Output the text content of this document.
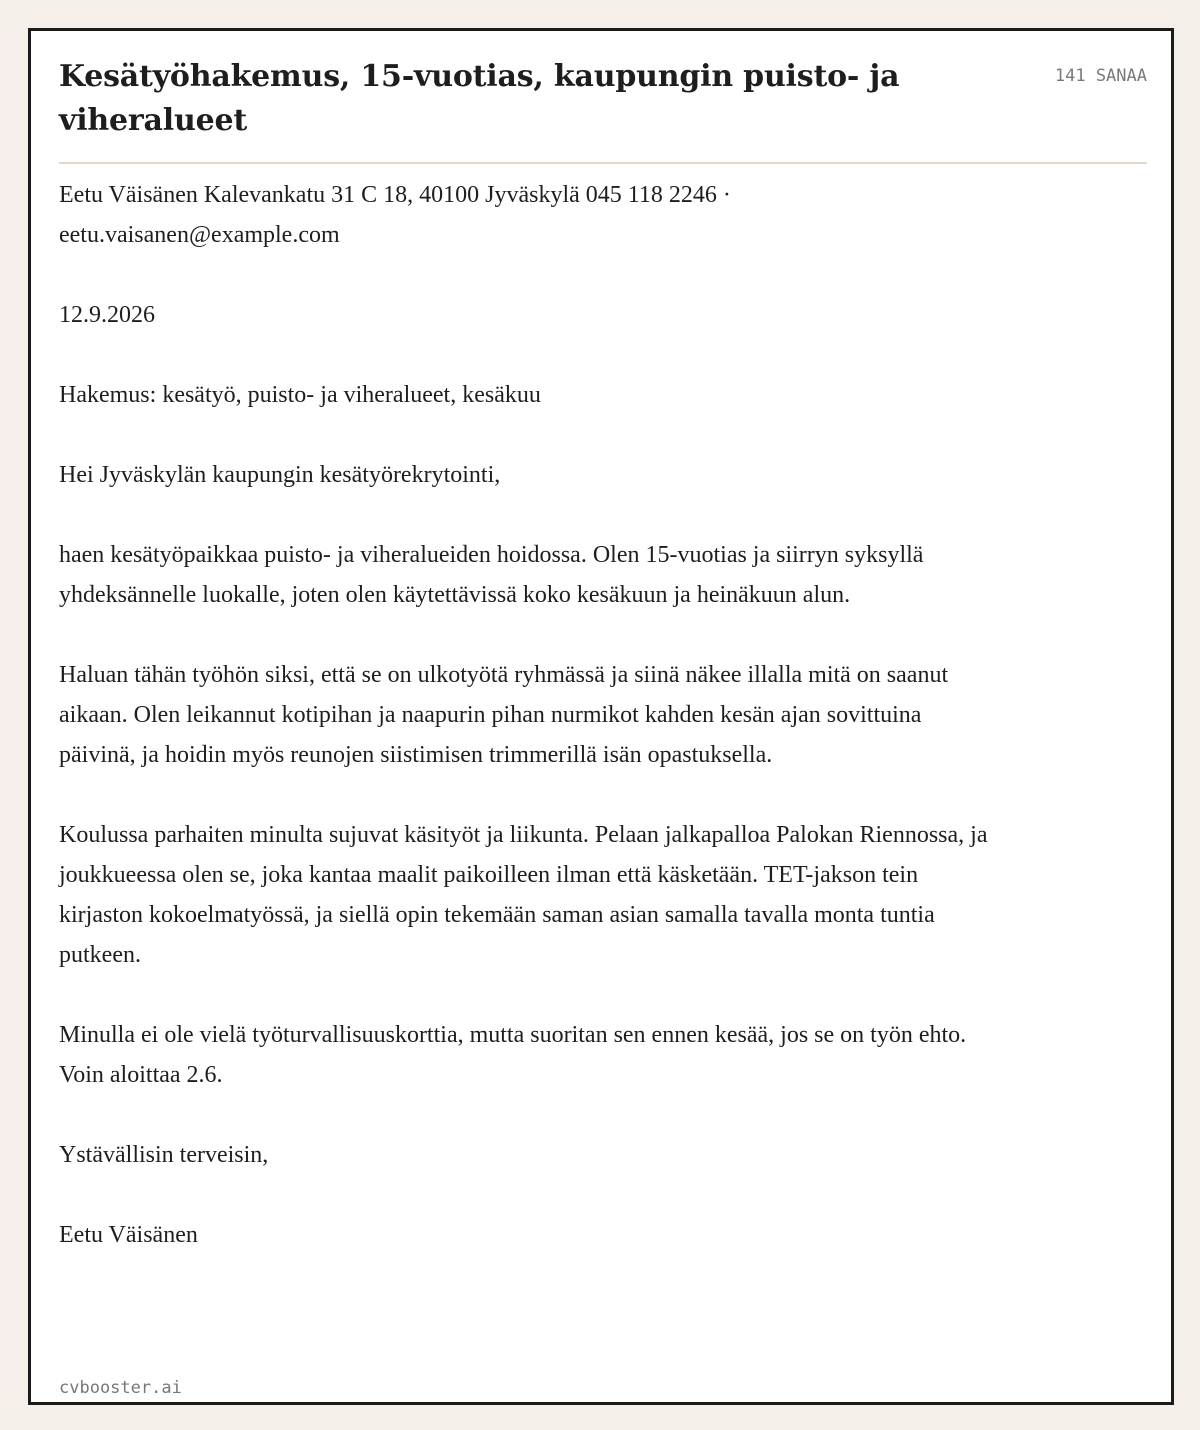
Kesätyöhakemus, 15-vuotias, kaupungin puisto- ja viheralueet
141 SANAA

Eetu Väisänen Kalevankatu 31 C 18, 40100 Jyväskylä 045 118 2246 · eetu.vaisanen@example.com

12.9.2026

Hakemus: kesätyö, puisto- ja viheralueet, kesäkuu

Hei Jyväskylän kaupungin kesätyörekrytointi,

haen kesätyöpaikkaa puisto- ja viheralueiden hoidossa. Olen 15-vuotias ja siirryn syksyllä yhdeksännelle luokalle, joten olen käytettävissä koko kesäkuun ja heinäkuun alun.

Haluan tähän työhön siksi, että se on ulkotyötä ryhmässä ja siinä näkee illalla mitä on saanut aikaan. Olen leikannut kotipihan ja naapurin pihan nurmikot kahden kesän ajan sovittuina päivinä, ja hoidin myös reunojen siistimisen trimmerillä isän opastuksella.

Koulussa parhaiten minulta sujuvat käsityöt ja liikunta. Pelaan jalkapalloa Palokan Riennossa, ja joukkueessa olen se, joka kantaa maalit paikoilleen ilman että käsketään. TET-jakson tein kirjaston kokoelmatyössä, ja siellä opin tekemään saman asian samalla tavalla monta tuntia putkeen.

Minulla ei ole vielä työturvallisuuskorttia, mutta suoritan sen ennen kesää, jos se on työn ehto. Voin aloittaa 2.6.

Ystävällisin terveisin,

Eetu Väisänen

cvbooster.ai
